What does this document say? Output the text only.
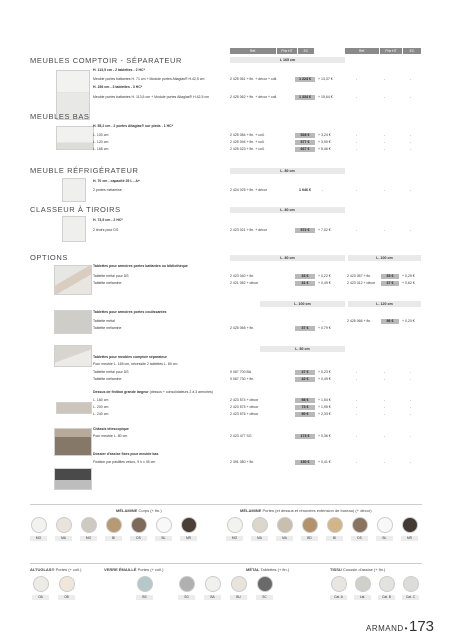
Réf.	Prix HT	EC	Réf.	Prix HT	EC
MEUBLES COMPTOIR - SÉPARATEUR	L 165 cm
H. 113,5 cm - 2 tablettes - 2 HC*
Meuble portes battantes H. 71 cm + Module portes Altaglas® H.42,5 cm	2 425 061 + fin. + décor + coll.	1 224 €	+ 13,37 €	-	-	-
H. 156 cm - 3 tablettes - 3 HC*
Meuble portes battantes H. 113,5 cm + Module portes Altaglas® H.42,5 cm	2 425 062 + fin. + décor + coll.	1 334 €	+ 15,64 €	-	-	-
MEUBLES BAS
H. 55,2 cm - 2 portes Altaglas® sur pieds - 1 HC*
L. 100 cm	2 425 084 + fin. + coll.	528 €	+ 3,24 €	-	-	-
L. 120 cm	2 425 094 + fin. + coll.	577 €	+ 3,90 €	-	-	-
L. 165 cm	2 425 023 + fin. + coll.	667 €	+ 5,46 €	-	-	-
MEUBLE RÉFRIGÉRATEUR	L. 80 cm
H. 70 cm - capacité 25 L - A+
2 portes mélamine	2 424 025 + fin. + décor	1 046 €	-	-	-	-
CLASSEUR À TIROIRS	L. 80 cm
H. 73,5 cm - 2 HC*
2 tiroirs pour DS	2 423 021 + fin. + décor	572 €	+ 7,02 €	-	-	-
OPTIONS	L. 80 cm	L. 100 cm
Tablettes pour armoires portes battantes ou bibliothèque
Tablette métal pour DS	2 423 040 + fin.	33 €	+ 0,22 €	2 423 057 + fin.	53 €	+ 0,29 €
Tablette mélamine	2 421 052 + décor	31 €	+ 0,49 €	2 423 012 + décor	37 €	+ 0,62 €
L. 100 cm	L. 120 cm
Tablettes pour armoires portes coulissantes
Tablette métal	-	2 425 066 + fin.	56 €	+ 0,20 €
Tablette mélamine	2 425 065 + fin.	37 €	+ 0,79 €
L. 80 cm
Tablettes pour meubles comptoir séparateur
Pour meuble L. 165 cm, nécessite 2 tablettes L. 80 cm
Tablette métal pour DS	9 067 700 BA	47 €	+ 0,23 €	-	-	-
Tablette mélamine	9 067 730 + fin.	42 €	+ 0,49 €	-	-	-
Dessus de finition grande largeur (dessus + consolidateurs 2 à 3 armoires)
L. 160 cm	2 423 574 + décor	58 €	+ 1,54 €	-	-	-
L. 200 cm	2 423 575 + décor	73 €	+ 1,95 €	-	-	-
L. 240 cm	2 423 576 + décor	90 €	+ 2,33 €	-	-	-
Châssis télescopique
Pour meuble L. 80 cm	2 423 477 SG	173 €	+ 0,36 €	-	-	-
Dossier d'assise fixes pour meuble bas
Fixation par pastilles velcro, 9 h x 45 cm	2 391 080 + fin.	150 €	+ 0,41 €	-	-	-
MÉLAMINE Corps (+ fin.)	MÉLAMINE Portes (et dessus et rénovées extension de bureau) (+ décor)
MO	MA	MG	BI	DS	BL	MR	MO	MA	MA	BD	BI	DS	BL	MR
ALTUGLAS® Portes (+ coll.)	VERRE ÉMAILLÉ Portes (+ coll.)	MÉTAL Tablettes (+ fin.)	TISSU Coussin d'assise (+ fin.)
OA	OB	BS	SG	BA	BU	SC	Cat. A	Lat.	Cat. B	Cat. C
ARMAND • 173
